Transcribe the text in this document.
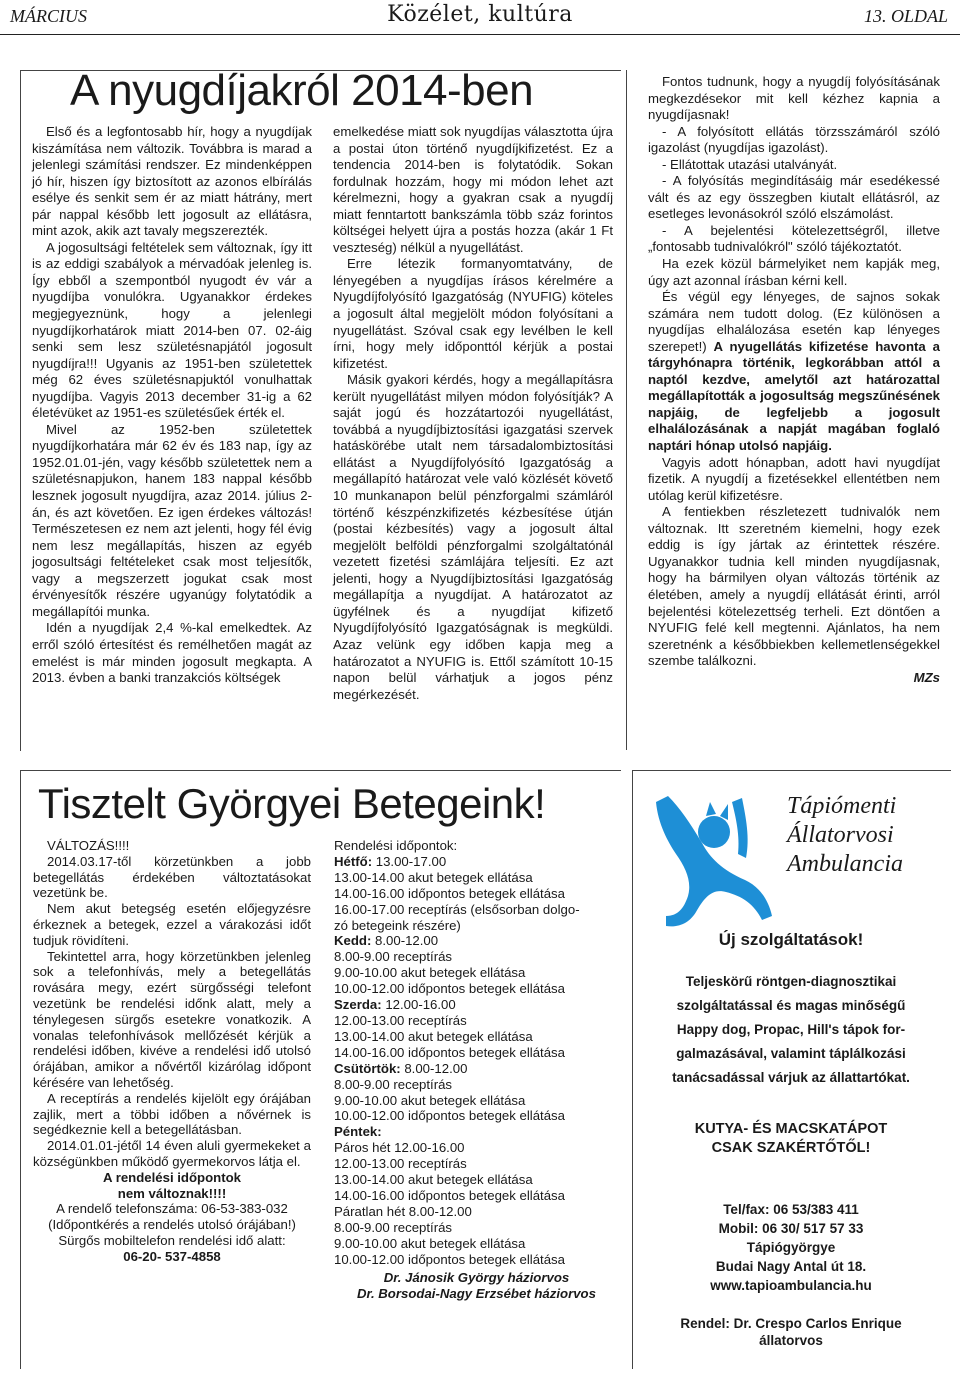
MÁRCIUS	Közélet, kultúra	13. OLDAL
A nyugdíjakról 2014-ben

Első és a legfontosabb hír, hogy a nyugdíjak kiszámítása nem változik. Továbbra is marad a jelenlegi számítási rendszer. Ez mindenképpen jó hír, hiszen így biztosított az azonos elbírálás esélye és senkit sem ér az miatt hátrány, mert pár nappal később lett jogosult az ellátásra, mint azok, akik azt tavaly megszerezték.

A jogosultsági feltételek sem változnak, így itt is az eddigi szabályok a mérvadóak jelenleg is. Így ebből a szempontból nyugodt év vár a nyugdíjba vonulókra. Ugyanakkor érdekes megjegyeznünk, hogy a jelenlegi nyugdíjkorhatárok miatt 2014-ben 07. 02-áig senki sem lesz születésnapjától jogosult nyugdíjra!!! Ugyanis az 1951-ben születettek még 62 éves születésnapjuktól vonulhattak nyugdíjba. Vagyis 2013 december 31-ig a 62 életévüket az 1951-es születésűek érték el.

Mivel az 1952-ben születettek nyugdíjkorhatára már 62 év és 183 nap, így az 1952.01.01-jén, vagy később születettek nem a születésnapjukon, hanem 183 nappal később lesznek jogosult nyugdíjra, azaz 2014. július 2-án, és azt követően. Ez igen érdekes változás! Természetesen ez nem azt jelenti, hogy fél évig nem lesz megállapítás, hiszen az egyéb jogosultsági feltételeket csak most teljesítők, vagy a megszerzett jogukat csak most érvényesítők részére ugyanúgy folytatódik a megállapítói munka.

Idén a nyugdíjak 2,4 %-kal emelkedtek. Az erről szóló értesítést és remélhetően magát az emelést is már minden jogosult megkapta. A 2013. évben a banki tranzakciós költségek

emelkedése miatt sok nyugdíjas választotta újra a postai úton történő nyugdíjkifizetést. Ez a tendencia 2014-ben is folytatódik. Sokan fordulnak hozzám, hogy mi módon lehet azt kérelmezni, hogy a gyakran csak a nyugdíj miatt fenntartott bankszámla több száz forintos költségei helyett újra a postás hozza (akár 1 Ft veszteség) nélkül a nyugellátást.

Erre létezik formanyomtatvány, de lényegében a nyugdíjas írásos kérelmére a Nyugdíjfolyósító Igazgatóság (NYUFIG) köteles a jogosult által megjelölt módon folyósítani a nyugellátást. Szóval csak egy levélben le kell írni, hogy mely időponttól kérjük a postai kifizetést.

Másik gyakori kérdés, hogy a megállapításra került nyugellátást milyen módon folyósítják? A saját jogú és hozzátartozói nyugellátást, továbbá a nyugdíjbiztosítási igazgatási szervek hatáskörébe utalt nem társadalombiztosítási ellátást a Nyugdíjfolyósító Igazgatóság a megállapító határozat vele való közlését követő 10 munkanapon belül pénzforgalmi számláról történő készpénzkifizetés kézbesítése útján (postai kézbesítés) vagy a jogosult által megjelölt belföldi pénzforgalmi szolgáltatónál vezetett fizetési számlájára teljesíti. Ez azt jelenti, hogy a Nyugdíjbiztosítási Igazgatóság megállapítja a nyugdíjat. A határozatot az ügyfélnek és a nyugdíjat kifizető Nyugdíjfolyósító Igazgatóságnak is megküldi. Azaz velünk egy időben kapja meg a határozatot a NYUFIG is. Ettől számított 10-15 napon belül várhatjuk a jogos pénz megérkezését.

Fontos tudnunk, hogy a nyugdíj folyósításának megkezdésekor mit kell kézhez kapnia a nyugdíjasnak!

- A folyósított ellátás törzsszámáról szóló igazolást (nyugdíjas igazolást).

- Ellátottak utazási utalványát.

- A folyósítás megindításáig már esedékessé vált és az egy összegben kiutalt ellátásról, az esetleges levonásokról szóló elszámolást.

- A bejelentési kötelezettségről, illetve „fontosabb tudnivalókról" szóló tájékoztatót.

Ha ezek közül bármelyiket nem kapják meg, úgy azt azonnal írásban kérni kell.

És végül egy lényeges, de sajnos sokak számára nem tudott dolog. (Ez különösen a nyugdíjas elhalálozása esetén kap lényeges szerepet!) A nyugellátás kifizetése havonta a tárgyhónapra történik, legkorábban attól a naptól kezdve, amelytől azt határozattal megállapították a jogosultság megszűnésének napjáig, de legfeljebb a jogosult elhalálozásának a napját magában foglaló naptári hónap utolsó napjáig.

Vagyis adott hónapban, adott havi nyugdíjat fizetik. A nyugdíj a fizetésekkel ellentétben nem utólag kerül kifizetésre.

A fentiekben részletezett tudnivalók nem változnak. Itt szeretném kiemelni, hogy ezek eddig is így jártak az érintettek részére. Ugyanakkor tudnia kell minden nyugdíjasnak, hogy ha bármilyen olyan változás történik az életében, amely a nyugdíj ellátását érinti, arról bejelentési kötelezettség terheli. Ezt döntően a NYUFIG felé kell megtenni. Ajánlatos, ha nem szeretnénk a későbbiekben kellemetlenségekkel szembe találkozni.

MZs
Tisztelt Györgyei Betegeink!

VÁLTOZÁS!!!!

2014.03.17-től körzetünkben a jobb betegellátás érdekében változtatásokat vezetünk be.

Nem akut betegség esetén előjegyzésre érkeznek a betegek, ezzel a várakozási időt tudjuk rövidíteni.

Tekintettel arra, hogy körzetünkben jelenleg sok a telefonhívás, mely a betegellátás rovására megy, ezért sürgősségi telefont vezetünk be rendelési időnk alatt, mely a ténylegesen sürgős esetekre vonatkozik. A vonalas telefonhívások mellőzését kérjük a rendelési időben, kivéve a rendelési idő utolsó órájában, amikor a nővértől kizárólag időpont kérésére van lehetőség.

A receptírás a rendelés kijelölt egy órájában zajlik, mert a többi időben a nővérnek is segédkeznie kell a betegellátásban.

2014.01.01-jétől 14 éven aluli gyermekeket a községünkben működő gyermekorvos látja el.

A rendelési időpontok
nem változnak!!!!
A rendelő telefonszáma: 06-53-383-032 (Időpontkérés a rendelés utolsó órájában!)
Sürgős mobiltelefon rendelési idő alatt:
06-20- 537-4858
Rendelési időpontok:
Hétfő: 13.00-17.00
13.00-14.00 akut betegek ellátása
14.00-16.00 időpontos betegek ellátása
16.00-17.00 receptírás (elsősorban dolgo-
zó betegeink részére)
Kedd: 8.00-12.00
8.00-9.00 receptírás
9.00-10.00 akut betegek ellátása
10.00-12.00 időpontos betegek ellátása
Szerda: 12.00-16.00
12.00-13.00 receptírás
13.00-14.00 akut betegek ellátása
14.00-16.00 időpontos betegek ellátása
Csütörtök: 8.00-12.00
8.00-9.00 receptírás
9.00-10.00 akut betegek ellátása
10.00-12.00 időpontos betegek ellátása
Péntek:
Páros hét 12.00-16.00
12.00-13.00 receptírás
13.00-14.00 akut betegek ellátása
14.00-16.00 időpontos betegek ellátása
Páratlan hét 8.00-12.00
8.00-9.00 receptírás
9.00-10.00 akut betegek ellátása
10.00-12.00 időpontos betegek ellátása
Dr. Jánosik György háziorvos
Dr. Borsodai-Nagy Erzsébet háziorvos
Tápiómenti
Állatorvosi
Ambulancia
Új szolgáltatások!
Teljeskörű röntgen-diagnosztikai
szolgáltatással és magas minőségű
Happy dog, Propac, Hill's tápok for-
galmazásával, valamint táplálkozási
tanácsadással várjuk az állattartókat.
KUTYA- ÉS MACSKATÁPOT
CSAK SZAKÉRTŐTŐL!
Tel/fax: 06 53/383 411
Mobil: 06 30/ 517 57 33
Tápiógyörgye
Budai Nagy Antal út 18.
www.tapioambulancia.hu
Rendel: Dr. Crespo Carlos Enrique
állatorvos
